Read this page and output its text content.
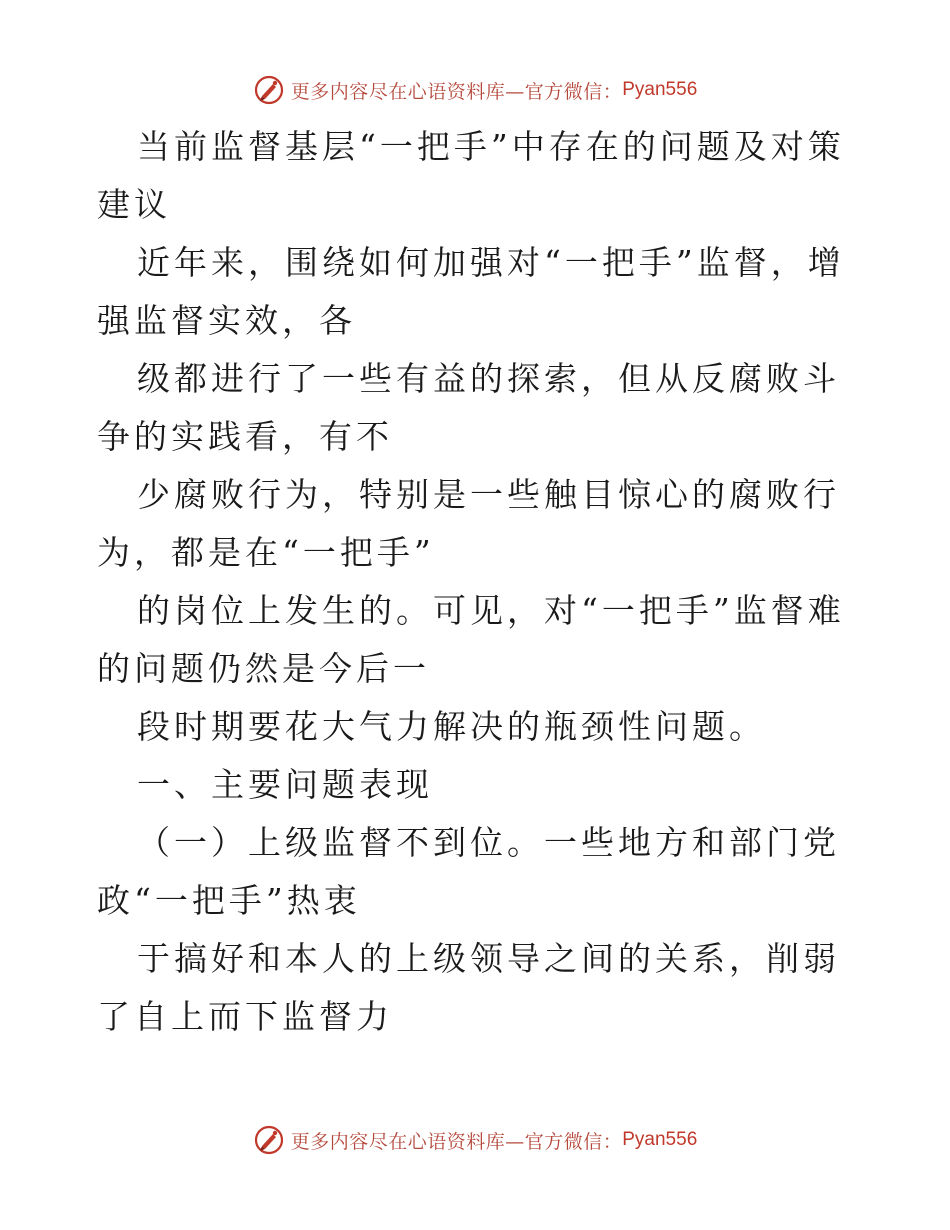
更多内容尽在心语资料库—官方微信： Pyan556

当前监督基层“一把手”中存在的问题及对策建议

近年来，围绕如何加强对“一把手”监督，增强监督实效，各

级都进行了一些有益的探索，但从反腐败斗争的实践看，有不

少腐败行为，特别是一些触目惊心的腐败行为，都是在“一把手”

的岗位上发生的。可见，对“一把手”监督难的问题仍然是今后一

段时期要花大气力解决的瓶颈性问题。

一、主要问题表现

（一）上级监督不到位。一些地方和部门党政“一把手”热衷

于搞好和本人的上级领导之间的关系，削弱了自上而下监督力

更多内容尽在心语资料库—官方微信： Pyan556
